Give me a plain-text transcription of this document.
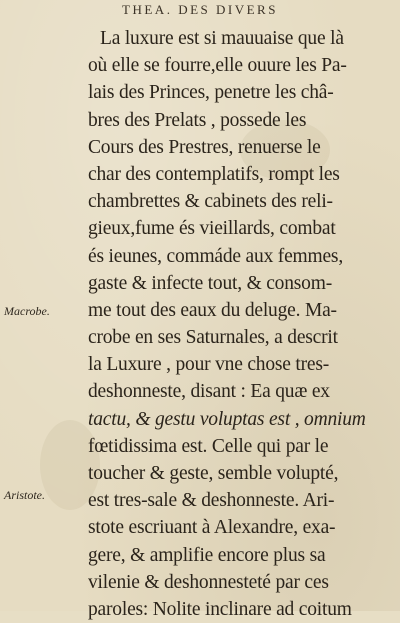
THEA. DES DIVERS
Macrobe.
Aristote.
La luxure est si mauuaise que là
où elle se fourre,elle ouure les Pa-
lais des Princes, penetre les châ-
bres des Prelats , possede les
Cours des Prestres, renuerse le
char des contemplatifs, rompt les
chambrettes & cabinets des reli-
gieux,fume és vieillards, combat
és ieunes, commáde aux femmes,
gaste & infecte tout, & consom-
me tout des eaux du deluge. Ma-
crobe en ses Saturnales, a descrit
la Luxure , pour vne chose tres-
deshonneste, disant : Ea quæ ex
tactu, & gestu voluptas est , omnium
fœtidissima est. Celle qui par le
toucher & geste, semble volupté,
est tres-sale & deshonneste. Ari-
stote escriuant à Alexandre, exa-
gere, & amplifie encore plus sa
vilenie & deshonnesteté par ces
paroles: Nolite inclinare ad coitum
